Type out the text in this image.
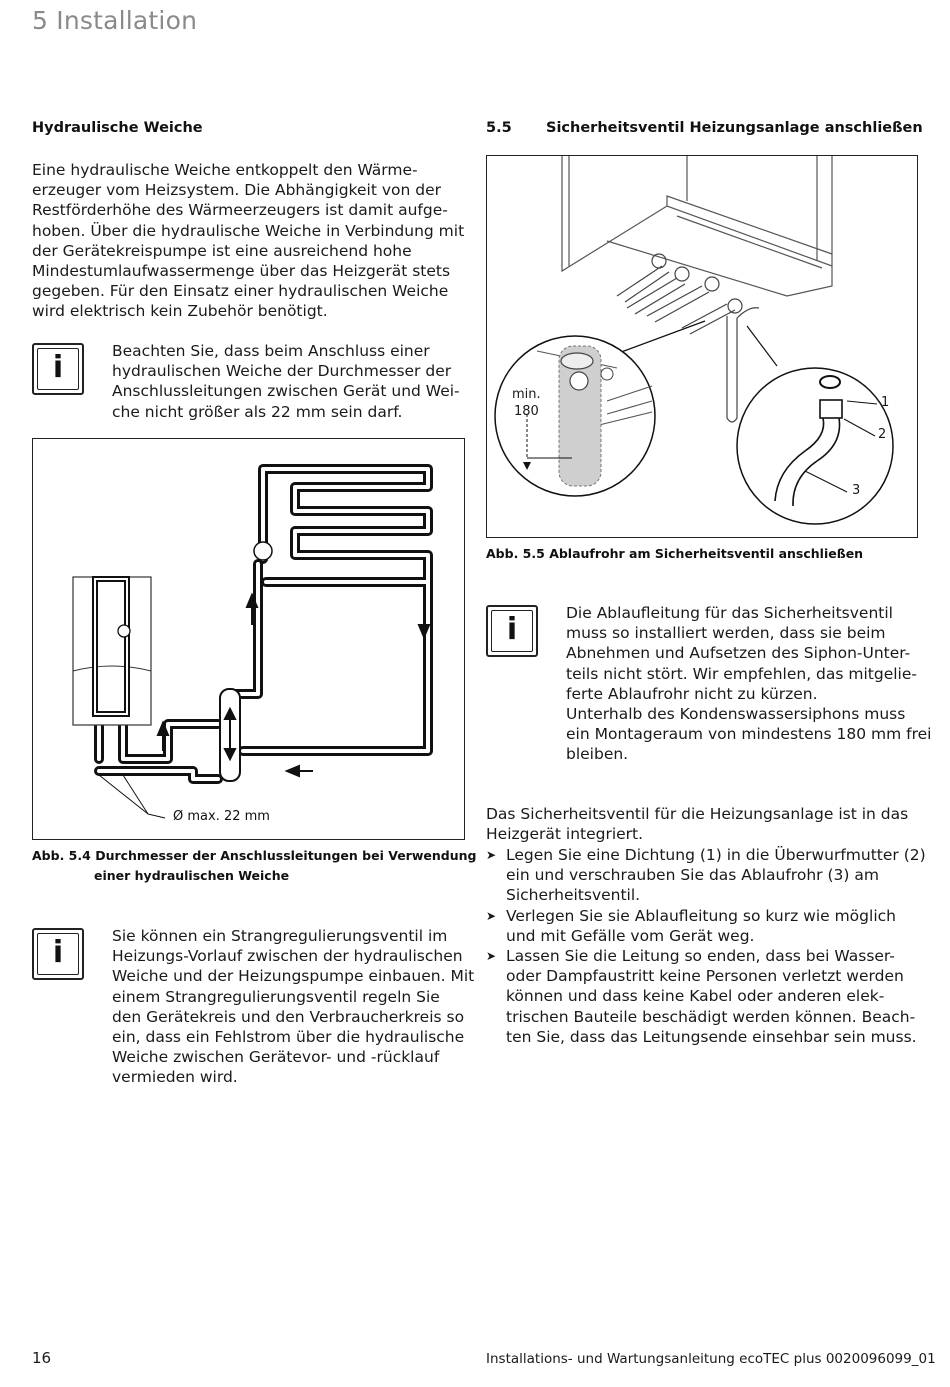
5 Installation
Hydraulische Weiche
Eine hydraulische Weiche entkoppelt den Wärme-
erzeuger vom Heizsystem. Die Abhängigkeit von der
Restförderhöhe des Wärmeerzeugers ist damit aufge-
hoben. Über die hydraulische Weiche in Verbindung mit
der Gerätekreispumpe ist eine ausreichend hohe
Mindestumlaufwassermenge über das Heizgerät stets
gegeben. Für den Einsatz einer hydraulischen Weiche
wird elektrisch kein Zubehör benötigt.
i	Beachten Sie, dass beim Anschluss einer
hydraulischen Weiche der Durchmesser der
Anschlussleitungen zwischen Gerät und Wei-
che nicht größer als 22 mm sein darf.
Ø max. 22 mm
Abb. 5.4 Durchmesser der Anschlussleitungen bei Verwendung
einer hydraulischen Weiche
i	Sie können ein Strangregulierungsventil im
Heizungs-Vorlauf zwischen der hydraulischen
Weiche und der Heizungspumpe einbauen. Mit
einem Strangregulierungsventil regeln Sie
den Gerätekreis und den Verbraucherkreis so
ein, dass ein Fehlstrom über die hydraulische
Weiche zwischen Gerätevor- und -rücklauf
vermieden wird.
5.5 Sicherheitsventil Heizungsanlage anschließen
min.
180
1
2
3
Abb. 5.5 Ablaufrohr am Sicherheitsventil anschließen
i	Die Ablaufleitung für das Sicherheitsventil
muss so installiert werden, dass sie beim
Abnehmen und Aufsetzen des Siphon-Unter-
teils nicht stört. Wir empfehlen, das mitgelie-
ferte Ablaufrohr nicht zu kürzen.
Unterhalb des Kondenswassersiphons muss
ein Montageraum von mindestens 180 mm frei
bleiben.
Das Sicherheitsventil für die Heizungsanlage ist in das
Heizgerät integriert.
➤ Legen Sie eine Dichtung (1) in die Überwurfmutter (2)
ein und verschrauben Sie das Ablaufrohr (3) am
Sicherheitsventil.
➤ Verlegen Sie sie Ablaufleitung so kurz wie möglich
und mit Gefälle vom Gerät weg.
➤ Lassen Sie die Leitung so enden, dass bei Wasser-
oder Dampfaustritt keine Personen verletzt werden
können und dass keine Kabel oder anderen elek-
trischen Bauteile beschädigt werden können. Beach-
ten Sie, dass das Leitungsende einsehbar sein muss.
16	Installations- und Wartungsanleitung ecoTEC plus 0020096099_01
